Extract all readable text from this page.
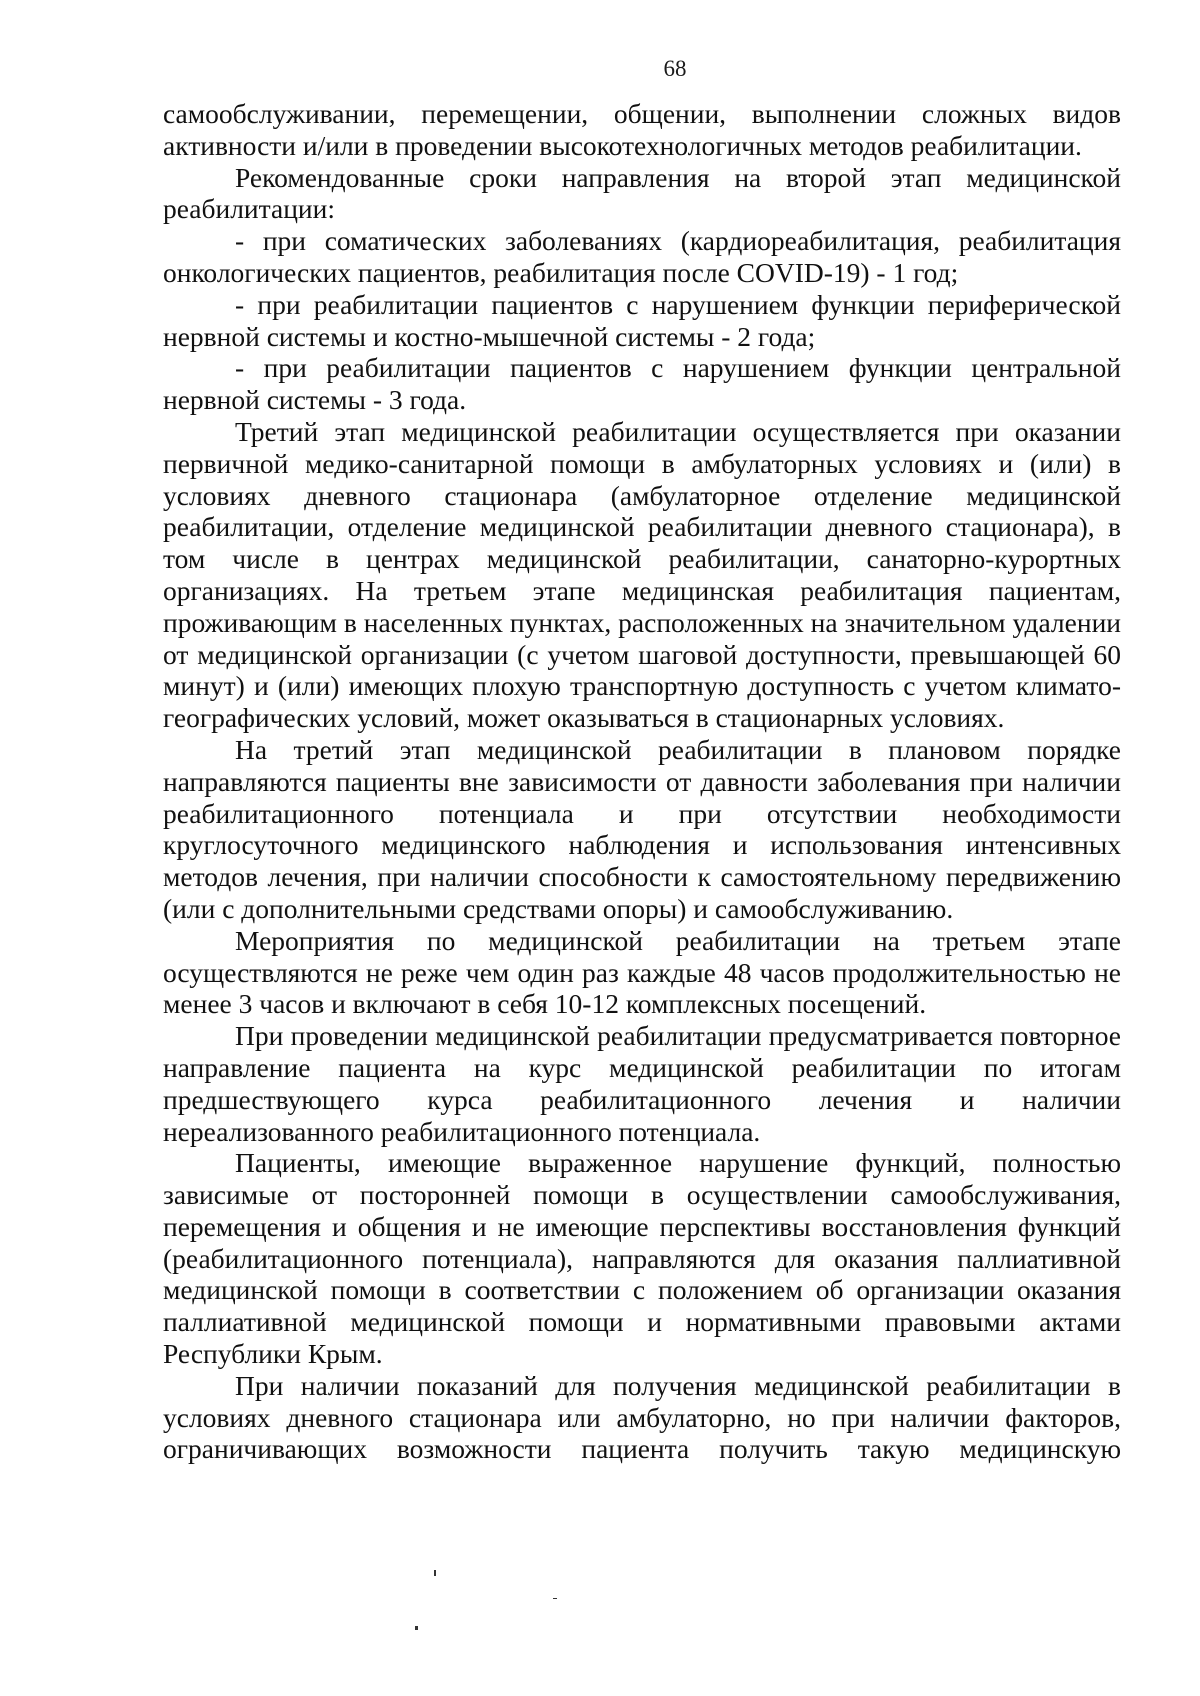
68

самообслуживании, перемещении, общении, выполнении сложных видов активности и/или в проведении высокотехнологичных методов реабилитации.

Рекомендованные сроки направления на второй этап медицинской реабилитации:

- при соматических заболеваниях (кардиореабилитация, реабилитация онкологических пациентов, реабилитация после COVID-19) - 1 год;

- при реабилитации пациентов с нарушением функции периферической нервной системы и костно-мышечной системы - 2 года;

- при реабилитации пациентов с нарушением функции центральной нервной системы - 3 года.

Третий этап медицинской реабилитации осуществляется при оказании первичной медико-санитарной помощи в амбулаторных условиях и (или) в условиях дневного стационара (амбулаторное отделение медицинской реабилитации, отделение медицинской реабилитации дневного стационара), в том числе в центрах медицинской реабилитации, санаторно-курортных организациях. На третьем этапе медицинская реабилитация пациентам, проживающим в населенных пунктах, расположенных на значительном удалении от медицинской организации (с учетом шаговой доступности, превышающей 60 минут) и (или) имеющих плохую транспортную доступность с учетом климато-географических условий, может оказываться в стационарных условиях.

На третий этап медицинской реабилитации в плановом порядке направляются пациенты вне зависимости от давности заболевания при наличии реабилитационного потенциала и при отсутствии необходимости круглосуточного медицинского наблюдения и использования интенсивных методов лечения, при наличии способности к самостоятельному передвижению (или с дополнительными средствами опоры) и самообслуживанию.

Мероприятия по медицинской реабилитации на третьем этапе осуществляются не реже чем один раз каждые 48 часов продолжительностью не менее 3 часов и включают в себя 10-12 комплексных посещений.

При проведении медицинской реабилитации предусматривается повторное направление пациента на курс медицинской реабилитации по итогам предшествующего курса реабилитационного лечения и наличии нереализованного реабилитационного потенциала.

Пациенты, имеющие выраженное нарушение функций, полностью зависимые от посторонней помощи в осуществлении самообслуживания, перемещения и общения и не имеющие перспективы восстановления функций (реабилитационного потенциала), направляются для оказания паллиативной медицинской помощи в соответствии с положением об организации оказания паллиативной медицинской помощи и нормативными правовыми актами Республики Крым.

При наличии показаний для получения медицинской реабилитации в условиях дневного стационара или амбулаторно, но при наличии факторов, ограничивающих возможности пациента получить такую медицинскую
